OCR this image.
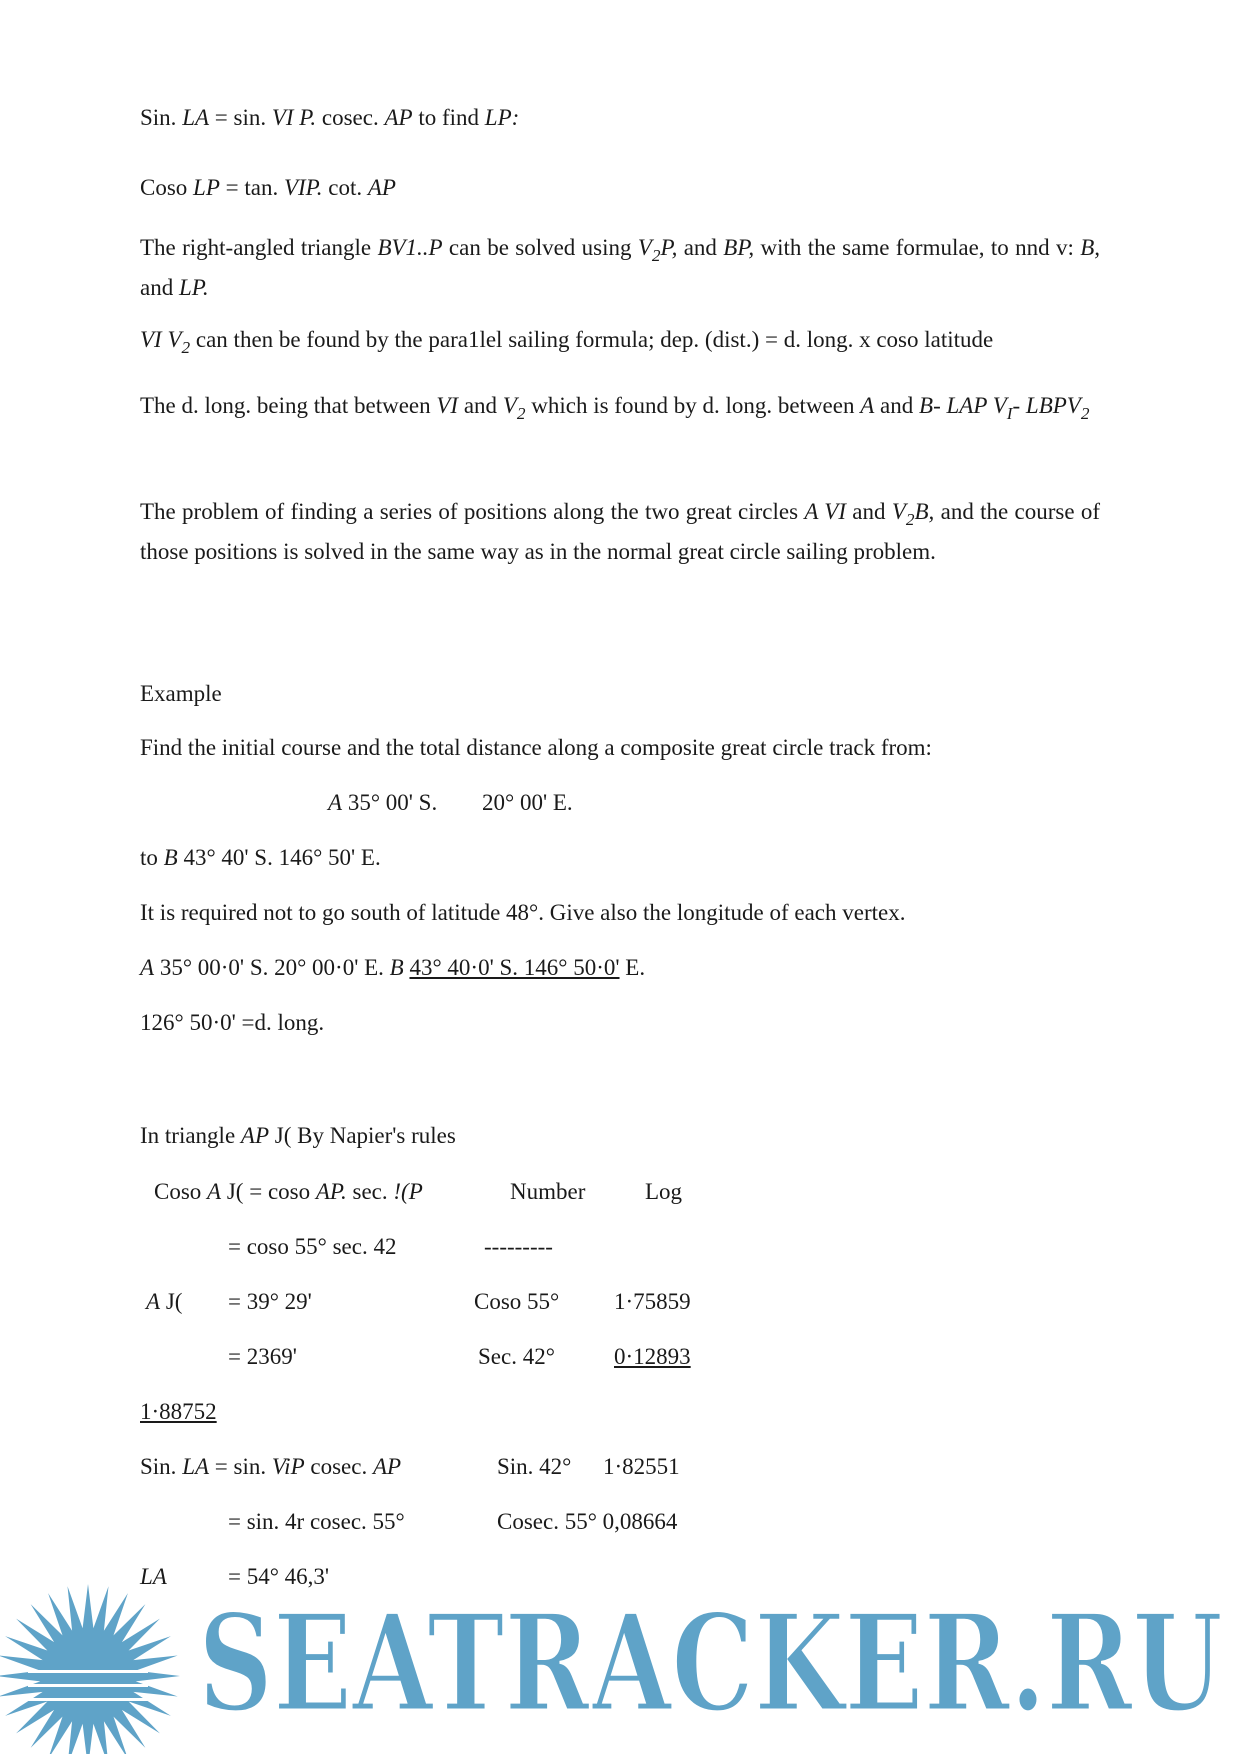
Sin. LA = sin. VI P. cosec. AP to find LP:
Coso LP = tan. VIP. cot. AP
The right-angled triangle BV1..P can be solved using $V_2P$, and BP, with the same formulae, to nnd v: B, and LP.
VI $V_2$ can then be found by the para1lel sailing formula; dep. (dist.) = d. long. x coso latitude
The d. long. being that between VI and $V_2$ which is found by d. long. between A and B- LAP $V_I-$ $LBPV_2$
The problem of finding a series of positions along the two great circles A VI and $V_2B$, and the course of those positions is solved in the same way as in the normal great circle sailing problem.
Example
Find the initial course and the total distance along a composite great circle track from:
A 35° 00' S. 20° 00' E.
to B 43° 40' S. 146° 50' E.
It is required not to go south of latitude 48°. Give also the longitude of each vertex.
A 35° 00·0' S. 20° 00·0' E. B 43° 40·0' S. 146° 50·0' E.
126° 50·0' =d. long.
In triangle AP J( By Napier's rules
Coso A J( = coso AP. sec. !(P	Number	Log
= coso 55° sec. 42	---------
A J( = 39° 29'	Coso 55° 1·75859
= 2369'	Sec. 42°	0·12893
1·88752
Sin. LA = sin. ViP cosec. AP	Sin. 42° 1·82551
= sin. 4r cosec. 55°	Cosec. 55° 0,08664
LA	= 54° 46,3'
SEATRACKER.RU
